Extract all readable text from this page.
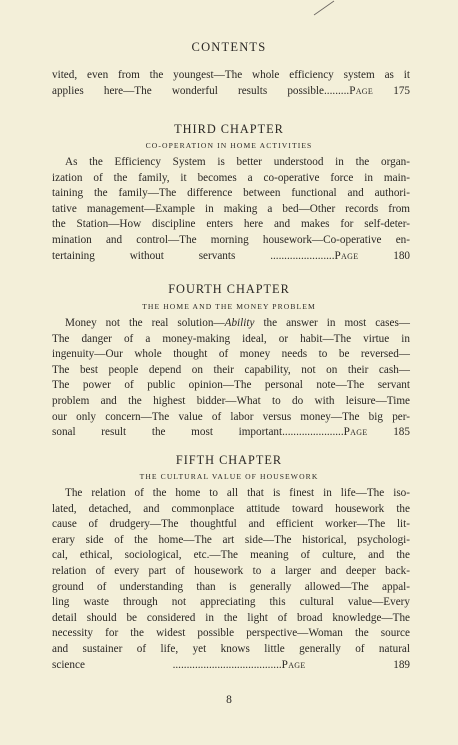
CONTENTS
vited, even from the youngest—The whole efficiency system as it
applies here—The wonderful results possible.........Page 175
THIRD CHAPTER
CO-OPERATION IN HOME ACTIVITIES
As the Efficiency System is better understood in the organ-
ization of the family, it becomes a co-operative force in main-
taining the family—The difference between functional and authori-
tative management—Example in making a bed—Other records from
the Station—How discipline enters here and makes for self-deter-
mination and control—The morning housework—Co-operative en-
tertaining without servants .......................Page 180
FOURTH CHAPTER
THE HOME AND THE MONEY PROBLEM
Money not the real solution—Ability the answer in most cases—
The danger of a money-making ideal, or habit—The virtue in
ingenuity—Our whole thought of money needs to be reversed—
The best people depend on their capability, not on their cash—
The power of public opinion—The personal note—The servant
problem and the highest bidder—What to do with leisure—Time
our only concern—The value of labor versus money—The big per-
sonal result the most important......................Page 185
FIFTH CHAPTER
THE CULTURAL VALUE OF HOUSEWORK
The relation of the home to all that is finest in life—The iso-
lated, detached, and commonplace attitude toward housework the
cause of drudgery—The thoughtful and efficient worker—The lit-
erary side of the home—The art side—The historical, psychologi-
cal, ethical, sociological, etc.—The meaning of culture, and the
relation of every part of housework to a larger and deeper back-
ground of understanding than is generally allowed—The appal-
ling waste through not appreciating this cultural value—Every
detail should be considered in the light of broad knowledge—The
necessity for the widest possible perspective—Woman the source
and sustainer of life, yet knows little generally of natural
science .......................................Page 189
8
